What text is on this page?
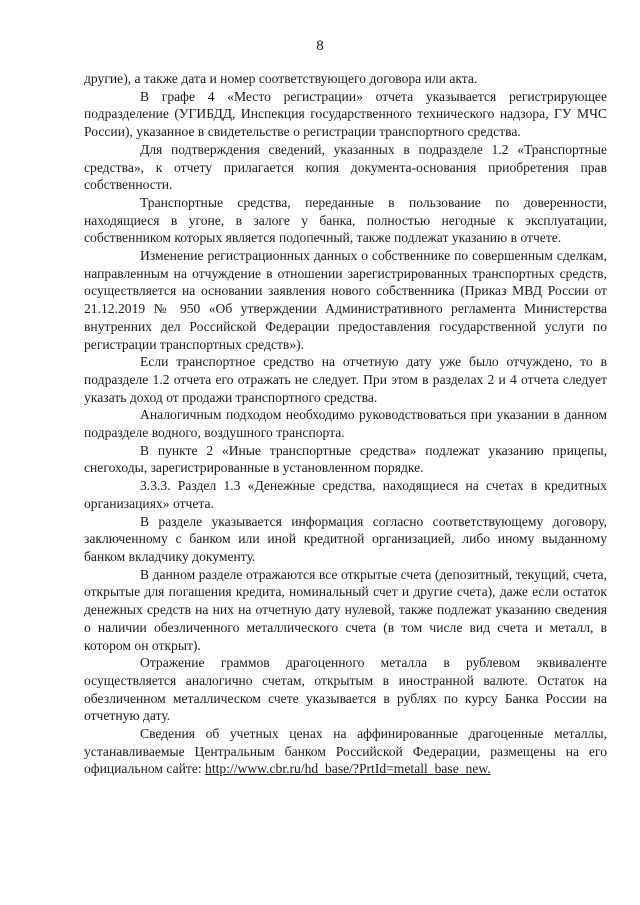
8

другие), а также дата и номер соответствующего договора или акта.

В графе 4 «Место регистрации» отчета указывается регистрирующее подразделение (УГИБДД, Инспекция государственного технического надзора, ГУ МЧС России), указанное в свидетельстве о регистрации транспортного средства.

Для подтверждения сведений, указанных в подразделе 1.2 «Транспортные средства», к отчету прилагается копия документа-основания приобретения прав собственности.

Транспортные средства, переданные в пользование по доверенности, находящиеся в угоне, в залоге у банка, полностью негодные к эксплуатации, собственником которых является подопечный, также подлежат указанию в отчете.

Изменение регистрационных данных о собственнике по совершенным сделкам, направленным на отчуждение в отношении зарегистрированных транспортных средств, осуществляется на основании заявления нового собственника (Приказ МВД России от 21.12.2019 № 950 «Об утверждении Административного регламента Министерства внутренних дел Российской Федерации предоставления государственной услуги по регистрации транспортных средств»).

Если транспортное средство на отчетную дату уже было отчуждено, то в подразделе 1.2 отчета его отражать не следует. При этом в разделах 2 и 4 отчета следует указать доход от продажи транспортного средства.

Аналогичным подходом необходимо руководствоваться при указании в данном подразделе водного, воздушного транспорта.

В пункте 2 «Иные транспортные средства» подлежат указанию прицепы, снегоходы, зарегистрированные в установленном порядке.

3.3.3. Раздел 1.3 «Денежные средства, находящиеся на счетах в кредитных организациях» отчета.

В разделе указывается информация согласно соответствующему договору, заключенному с банком или иной кредитной организацией, либо иному выданному банком вкладчику документу.

В данном разделе отражаются все открытые счета (депозитный, текущий, счета, открытые для погашения кредита, номинальный счет и другие счета), даже если остаток денежных средств на них на отчетную дату нулевой, также подлежат указанию сведения о наличии обезличенного металлического счета (в том числе вид счета и металл, в котором он открыт).

Отражение граммов драгоценного металла в рублевом эквиваленте осуществляется аналогично счетам, открытым в иностранной валюте. Остаток на обезличенном металлическом счете указывается в рублях по курсу Банка России на отчетную дату.

Сведения об учетных ценах на аффинированные драгоценные металлы, устанавливаемые Центральным банком Российской Федерации, размещены на его официальном сайте: http://www.cbr.ru/hd_base/?PrtId=metall_base_new.
